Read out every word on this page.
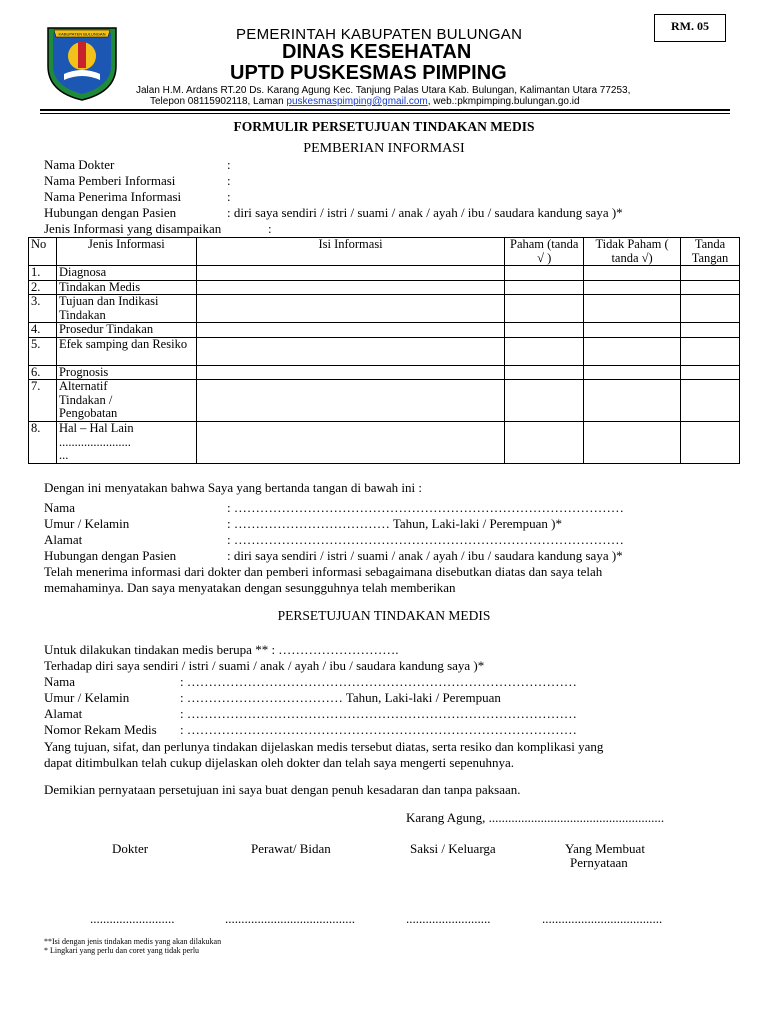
KABUPATEN BULUNGAN	PEMERINTAH KABUPATEN BULUNGAN
DINAS KESEHATAN
UPTD PUSKESMAS PIMPING
Jalan H.M. Ardans RT.20 Ds. Karang Agung Kec. Tanjung Palas Utara Kab. Bulungan, Kalimantan Utara 77253,
Telepon 08115902118, Laman puskesmaspimping@gmail.com, web.:pkmpimping.bulungan.go.id
RM. 05
FORMULIR PERSETUJUAN TINDAKAN MEDIS
PEMBERIAN INFORMASI
Nama Dokter	:
Nama Pemberi Informasi	:
Nama Penerima Informasi	:
Hubungan dengan Pasien	: diri saya sendiri / istri / suami / anak / ayah / ibu / saudara kandung saya )*
Jenis Informasi yang disampaikan	:
No	Jenis Informasi	Isi Informasi	Paham (tanda √ )	Tidak Paham ( tanda √)	Tanda Tangan
1.	Diagnosa				
2.	Tindakan Medis				
3.	Tujuan dan Indikasi Tindakan				
4.	Prosedur Tindakan				
5.	Efek samping dan Resiko				
6.	Prognosis				
7.	Alternatif Tindakan / Pengobatan				
8.	Hal – Hal Lain .......................
...				

Dengan ini menyatakan bahwa Saya yang bertanda tangan di bawah ini :
Nama	: ………………………………………………………………………………
Umur / Kelamin	: ……………………………… Tahun, Laki-laki / Perempuan )*
Alamat	: ………………………………………………………………………………
Hubungan dengan Pasien	: diri saya sendiri / istri / suami / anak / ayah / ibu / saudara kandung saya )*
Telah menerima informasi dari dokter dan pemberi informasi sebagaimana disebutkan diatas dan saya telah
memahaminya. Dan saya menyatakan dengan sesungguhnya telah memberikan
PERSETUJUAN TINDAKAN MEDIS
Untuk dilakukan tindakan medis berupa ** : ……………………….
Terhadap diri saya sendiri / istri / suami / anak / ayah / ibu / saudara kandung saya )*
Nama	: ………………………………………………………………………………
Umur / Kelamin	: ……………………………… Tahun, Laki-laki / Perempuan
Alamat	: ………………………………………………………………………………
Nomor Rekam Medis : ………………………………………………………………………………
Yang tujuan, sifat, dan perlunya tindakan dijelaskan medis tersebut diatas, serta resiko dan komplikasi yang
dapat ditimbulkan telah cukup dijelaskan oleh dokter dan telah saya mengerti sepenuhnya.
Demikian pernyataan persetujuan ini saya buat dengan penuh kesadaran dan tanpa paksaan.
Karang Agung, ......................................................
Dokter	Perawat/ Bidan	Saksi / Keluarga	Yang Membuat
Pernyataan
..........................	........................................	..........................	.....................................
**Isi dengan jenis tindakan medis yang akan dilakukan
* Lingkari yang perlu dan coret yang tidak perlu
